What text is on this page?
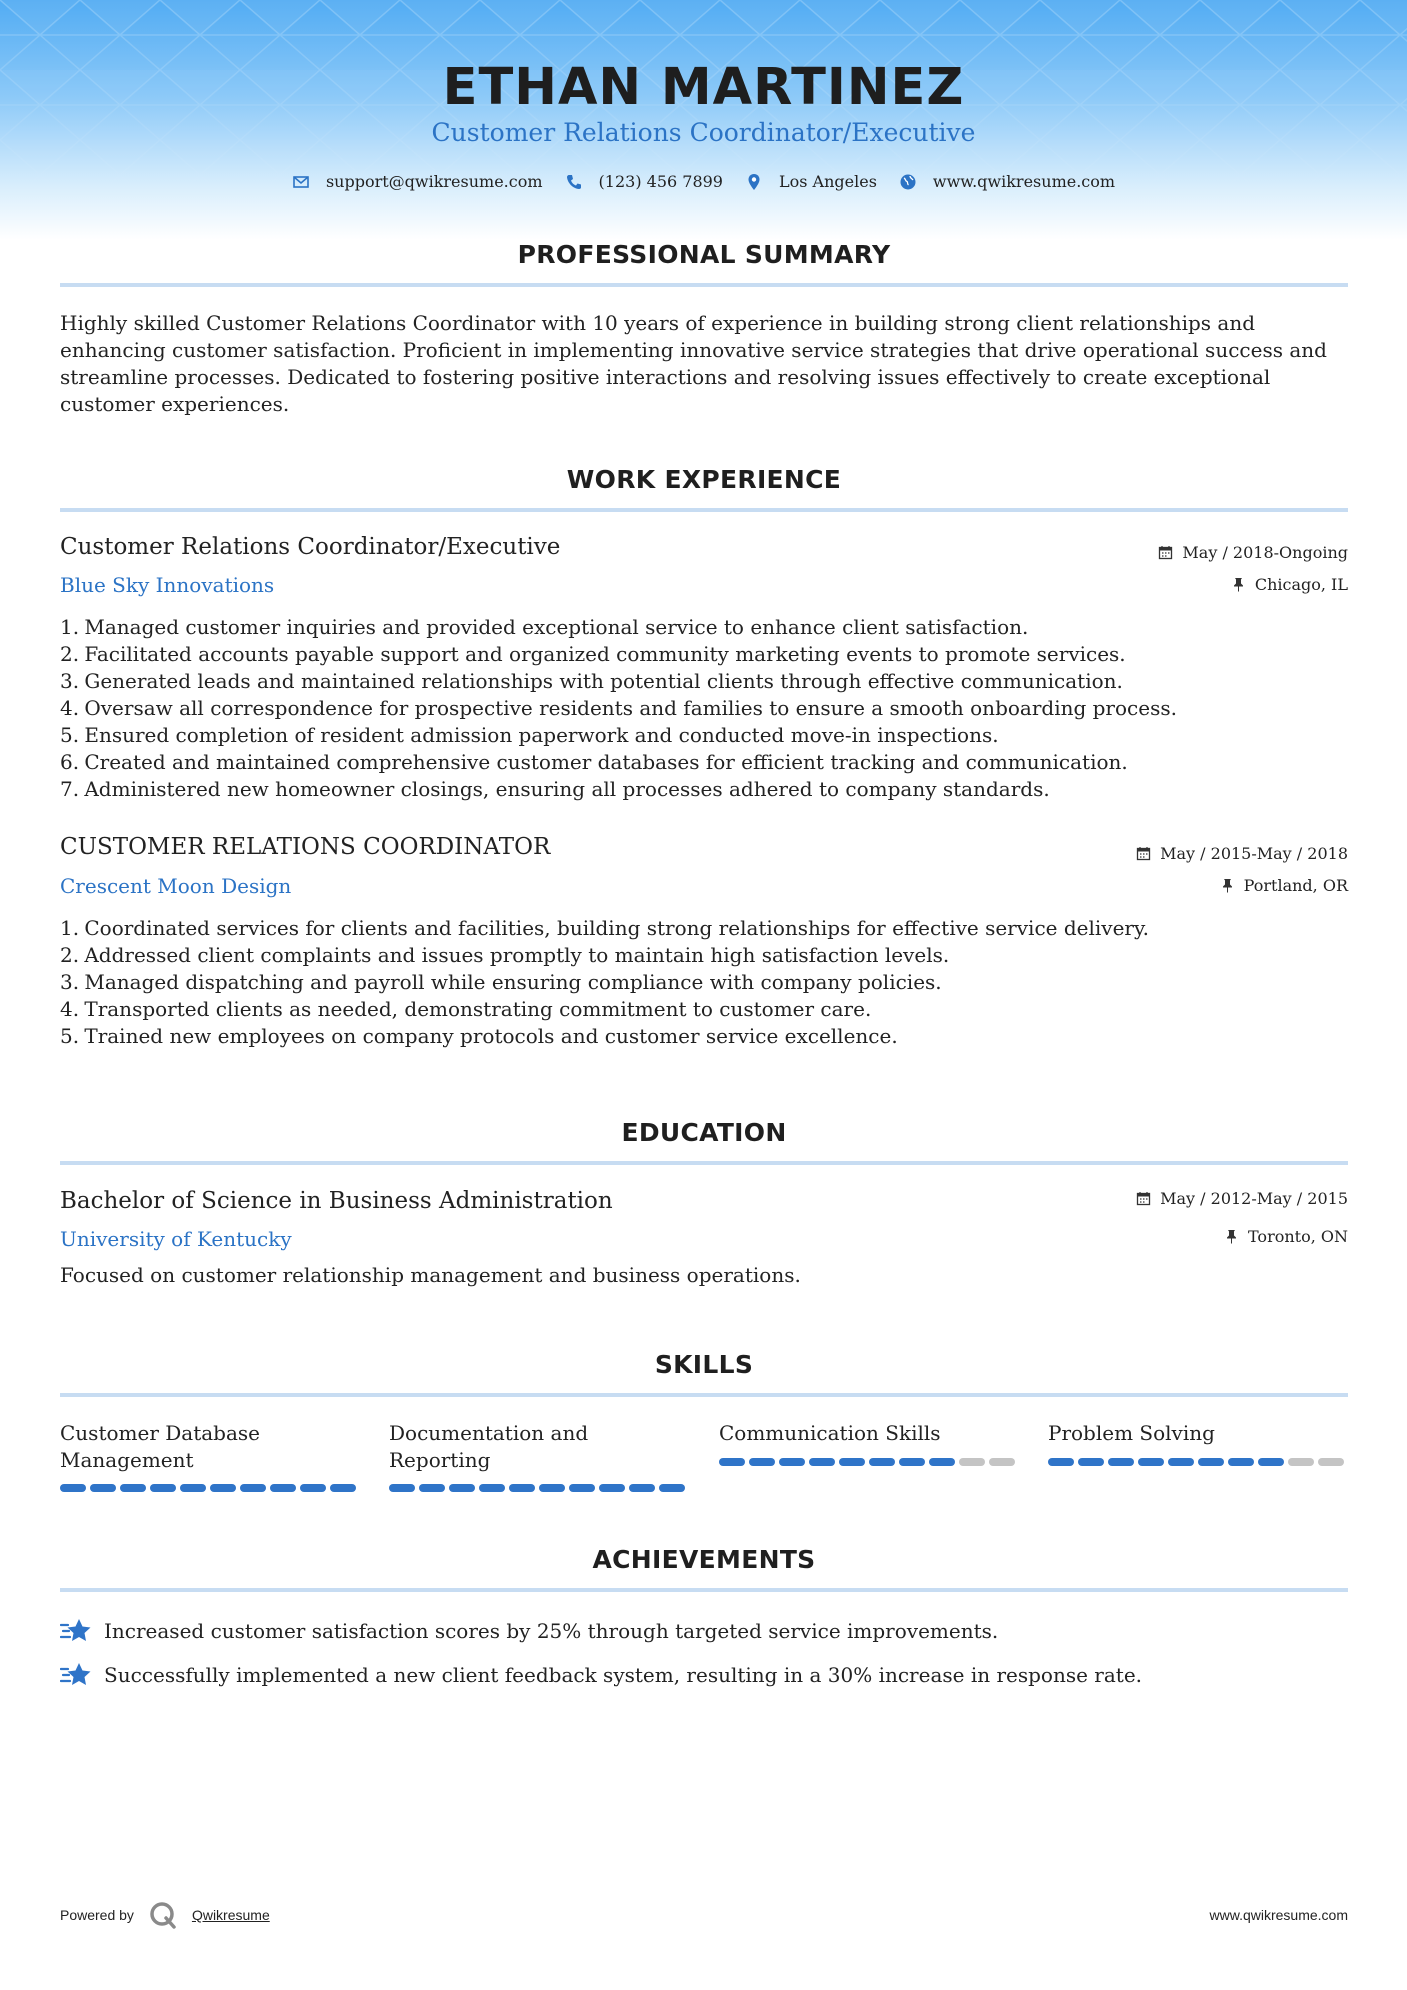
ETHAN MARTINEZ
Customer Relations Coordinator/Executive
support@qwikresume.com	(123) 456 7899	Los Angeles	www.qwikresume.com
PROFESSIONAL SUMMARY
Highly skilled Customer Relations Coordinator with 10 years of experience in building strong client relationships and enhancing customer satisfaction. Proficient in implementing innovative service strategies that drive operational success and streamline processes. Dedicated to fostering positive interactions and resolving issues effectively to create exceptional customer experiences.
WORK EXPERIENCE
Customer Relations Coordinator/Executive
Blue Sky Innovations
May / 2018-Ongoing
Chicago, IL
1. Managed customer inquiries and provided exceptional service to enhance client satisfaction.
2. Facilitated accounts payable support and organized community marketing events to promote services.
3. Generated leads and maintained relationships with potential clients through effective communication.
4. Oversaw all correspondence for prospective residents and families to ensure a smooth onboarding process.
5. Ensured completion of resident admission paperwork and conducted move-in inspections.
6. Created and maintained comprehensive customer databases for efficient tracking and communication.
7. Administered new homeowner closings, ensuring all processes adhered to company standards.
CUSTOMER RELATIONS COORDINATOR
Crescent Moon Design
May / 2015-May / 2018
Portland, OR
1. Coordinated services for clients and facilities, building strong relationships for effective service delivery.
2. Addressed client complaints and issues promptly to maintain high satisfaction levels.
3. Managed dispatching and payroll while ensuring compliance with company policies.
4. Transported clients as needed, demonstrating commitment to customer care.
5. Trained new employees on company protocols and customer service excellence.
EDUCATION
Bachelor of Science in Business Administration
University of Kentucky
May / 2012-May / 2015
Toronto, ON
Focused on customer relationship management and business operations.
SKILLS
Customer Database Management
Documentation and Reporting
Communication Skills	Problem Solving
ACHIEVEMENTS
Increased customer satisfaction scores by 25% through targeted service improvements.
Successfully implemented a new client feedback system, resulting in a 30% increase in response rate.
Powered by	Qwikresume	www.qwikresume.com
